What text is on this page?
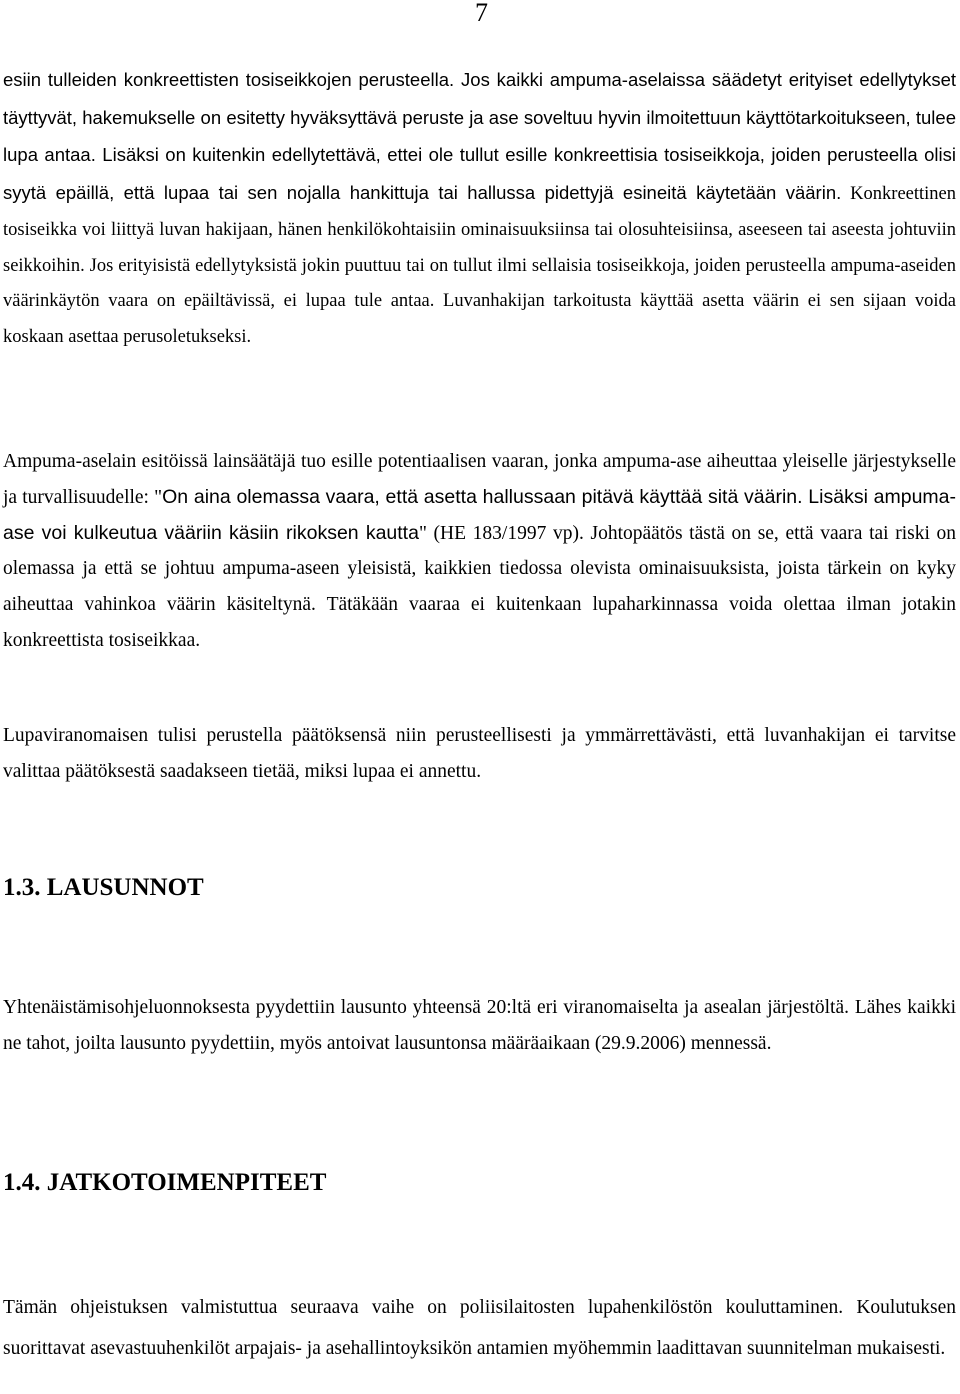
7

esiin tulleiden konkreettisten tosiseikkojen perusteella. Jos kaikki ampuma-aselaissa säädetyt erityiset edellytykset täyttyvät, hakemukselle on esitetty hyväksyttävä peruste ja ase soveltuu hyvin ilmoitettuun käyttötarkoitukseen, tulee lupa antaa. Lisäksi on kuitenkin edellytettävä, ettei ole tullut esille konkreettisia tosiseikkoja, joiden perusteella olisi syytä epäillä, että lupaa tai sen nojalla hankittuja tai hallussa pidettyjä esineitä käytetään väärin. Konkreettinen tosiseikka voi liittyä luvan hakijaan, hänen henkilökohtaisiin ominaisuuksiinsa tai olosuhteisiinsa, aseeseen tai aseesta johtuviin seikkoihin. Jos erityisistä edellytyksistä jokin puuttuu tai on tullut ilmi sellaisia tosiseikkoja, joiden perusteella ampuma-aseiden väärinkäytön vaara on epäiltävissä, ei lupaa tule antaa. Luvanhakijan tarkoitusta käyttää asetta väärin ei sen sijaan voida koskaan asettaa perusoletukseksi.

Ampuma-aselain esitöissä lainsäätäjä tuo esille potentiaalisen vaaran, jonka ampuma-ase aiheuttaa yleiselle järjestykselle ja turvallisuudelle: "On aina olemassa vaara, että asetta hallussaan pitävä käyttää sitä väärin. Lisäksi ampuma-ase voi kulkeutua vääriin käsiin rikoksen kautta" (HE 183/1997 vp). Johtopäätös tästä on se, että vaara tai riski on olemassa ja että se johtuu ampuma-aseen yleisistä, kaikkien tiedossa olevista ominaisuuksista, joista tärkein on kyky aiheuttaa vahinkoa väärin käsiteltynä. Tätäkään vaaraa ei kuitenkaan lupaharkinnassa voida olettaa ilman jotakin konkreettista tosiseikkaa.

Lupaviranomaisen tulisi perustella päätöksensä niin perusteellisesti ja ymmärrettävästi, että luvanhakijan ei tarvitse valittaa päätöksestä saadakseen tietää, miksi lupaa ei annettu.

1.3. LAUSUNNOT

Yhtenäistämisohjeluonnoksesta pyydettiin lausunto yhteensä 20:ltä eri viranomaiselta ja asealan järjestöltä. Lähes kaikki ne tahot, joilta lausunto pyydettiin, myös antoivat lausuntonsa määräaikaan (29.9.2006) mennessä.

1.4. JATKOTOIMENPITEET

Tämän ohjeistuksen valmistuttua seuraava vaihe on poliisilaitosten lupahenkilöstön kouluttaminen. Koulutuksen suorittavat asevastuuhenkilöt arpajais- ja asehallintoyksikön antamien myöhemmin laadittavan suunnitelman mukaisesti.
